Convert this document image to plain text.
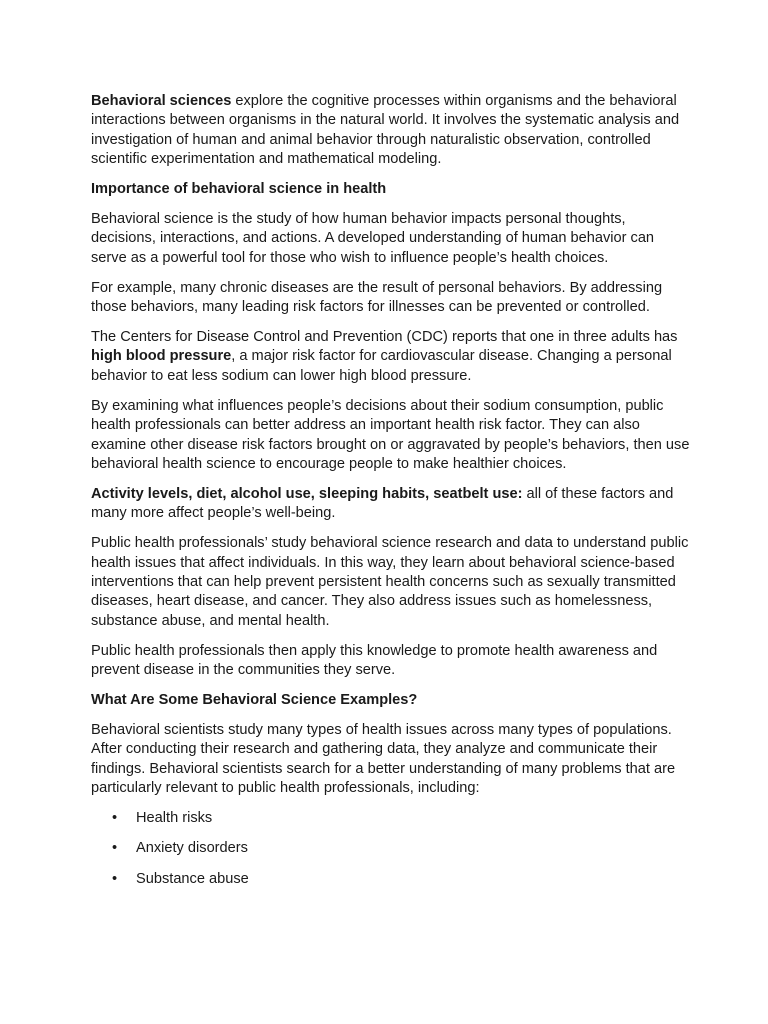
Behavioral sciences explore the cognitive processes within organisms and the behavioral interactions between organisms in the natural world. It involves the systematic analysis and investigation of human and animal behavior through naturalistic observation, controlled scientific experimentation and mathematical modeling.

Importance of behavioral science in health

Behavioral science is the study of how human behavior impacts personal thoughts, decisions, interactions, and actions. A developed understanding of human behavior can serve as a powerful tool for those who wish to influence people’s health choices.

For example, many chronic diseases are the result of personal behaviors. By addressing those behaviors, many leading risk factors for illnesses can be prevented or controlled.

The Centers for Disease Control and Prevention (CDC) reports that one in three adults has high blood pressure, a major risk factor for cardiovascular disease. Changing a personal behavior to eat less sodium can lower high blood pressure.

By examining what influences people’s decisions about their sodium consumption, public health professionals can better address an important health risk factor. They can also examine other disease risk factors brought on or aggravated by people’s behaviors, then use behavioral health science to encourage people to make healthier choices.

Activity levels, diet, alcohol use, sleeping habits, seatbelt use: all of these factors and many more affect people’s well-being.

Public health professionals’ study behavioral science research and data to understand public health issues that affect individuals. In this way, they learn about behavioral science-based interventions that can help prevent persistent health concerns such as sexually transmitted diseases, heart disease, and cancer. They also address issues such as homelessness, substance abuse, and mental health.

Public health professionals then apply this knowledge to promote health awareness and prevent disease in the communities they serve.

What Are Some Behavioral Science Examples?

Behavioral scientists study many types of health issues across many types of populations. After conducting their research and gathering data, they analyze and communicate their findings. Behavioral scientists search for a better understanding of many problems that are particularly relevant to public health professionals, including:

• Health risks
• Anxiety disorders
• Substance abuse
